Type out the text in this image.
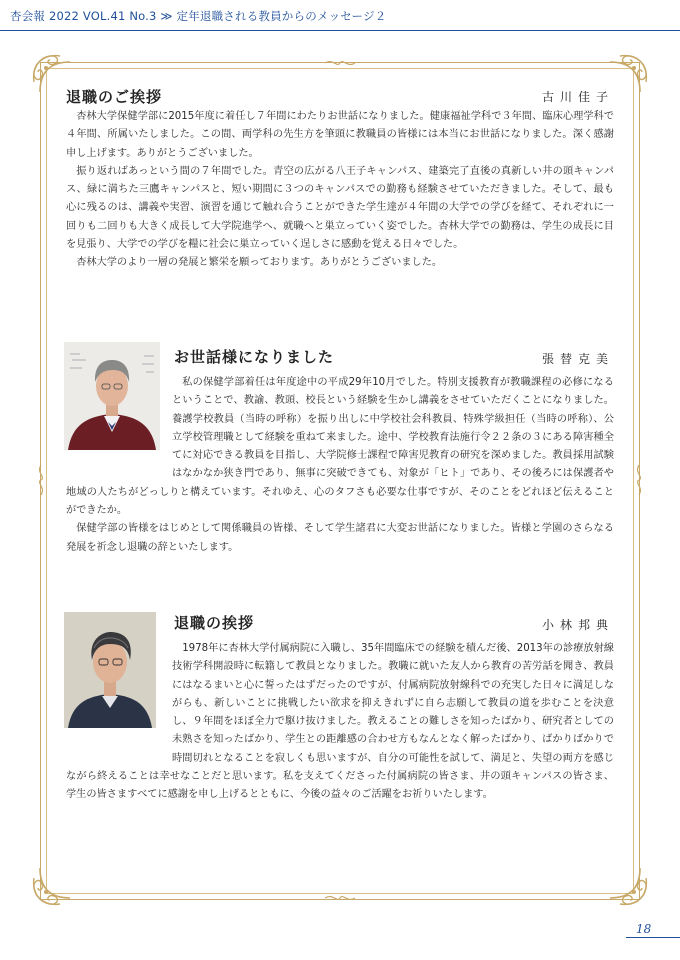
杏会報 2022 VOL.41 No.3 ≫ 定年退職される教員からのメッセージ２
退職のご挨拶	古川佳子

杏林大学保健学部に2015年度に着任し７年間にわたりお世話になりました。健康福祉学科で３年間、臨床心理学科で４年間、所属いたしました。この間、両学科の先生方を筆頭に教職員の皆様には本当にお世話になりました。深く感謝申し上げます。ありがとうございました。

振り返ればあっという間の７年間でした。青空の広がる八王子キャンパス、建築完了直後の真新しい井の頭キャンパス、緑に満ちた三鷹キャンパスと、短い期間に３つのキャンパスでの勤務も経験させていただきました。そして、最も心に残るのは、講義や実習、演習を通じて触れ合うことができた学生達が４年間の大学での学びを経て、それぞれに一回りも二回りも大きく成長して大学院進学へ、就職へと巣立っていく姿でした。杏林大学での勤務は、学生の成長に目を見張り、大学での学びを糧に社会に巣立っていく逞しさに感動を覚える日々でした。

杏林大学のより一層の発展と繁栄を願っております。ありがとうございました。

お世話様になりました	張替克美

私の保健学部着任は年度途中の平成29年10月でした。特別支援教育が教職課程の必修になるということで、教諭、教頭、校長という経験を生かし講義をさせていただくことになりました。養護学校教員（当時の呼称）を振り出しに中学校社会科教員、特殊学級担任（当時の呼称）、公立学校管理職として経験を重ねて来ました。途中、学校教育法施行令２２条の３にある障害種全てに対応できる教員を目指し、大学院修士課程で障害児教育の研究を深めました。教員採用試験はなかなか狭き門であり、無事に突破できても、対象が「ヒト」であり、その後ろには保護者や地域の人たちがどっしりと構えています。それゆえ、心のタフさも必要な仕事ですが、そのことをどれほど伝えることができたか。

保健学部の皆様をはじめとして関係職員の皆様、そして学生諸君に大変お世話になりました。皆様と学園のさらなる発展を祈念し退職の辞といたします。

退職の挨拶	小林邦典

1978年に杏林大学付属病院に入職し、35年間臨床での経験を積んだ後、2013年の診療放射線技術学科開設時に転籍して教員となりました。教職に就いた友人から教育の苦労話を聞き、教員にはなるまいと心に誓ったはずだったのですが、付属病院放射線科での充実した日々に満足しながらも、新しいことに挑戦したい欲求を抑えきれずに自ら志願して教員の道を歩むことを決意し、９年間をほぼ全力で駆け抜けました。教えることの難しさを知ったばかり、研究者としての未熟さを知ったばかり、学生との距離感の合わせ方もなんとなく解ったばかり、ばかりばかりで時間切れとなることを寂しくも思いますが、自分の可能性を試して、満足と、失望の両方を感じながら終えることは幸せなことだと思います。私を支えてくださった付属病院の皆さま、井の頭キャンパスの皆さま、学生の皆さますべてに感謝を申し上げるとともに、今後の益々のご活躍をお祈りいたします。

18
